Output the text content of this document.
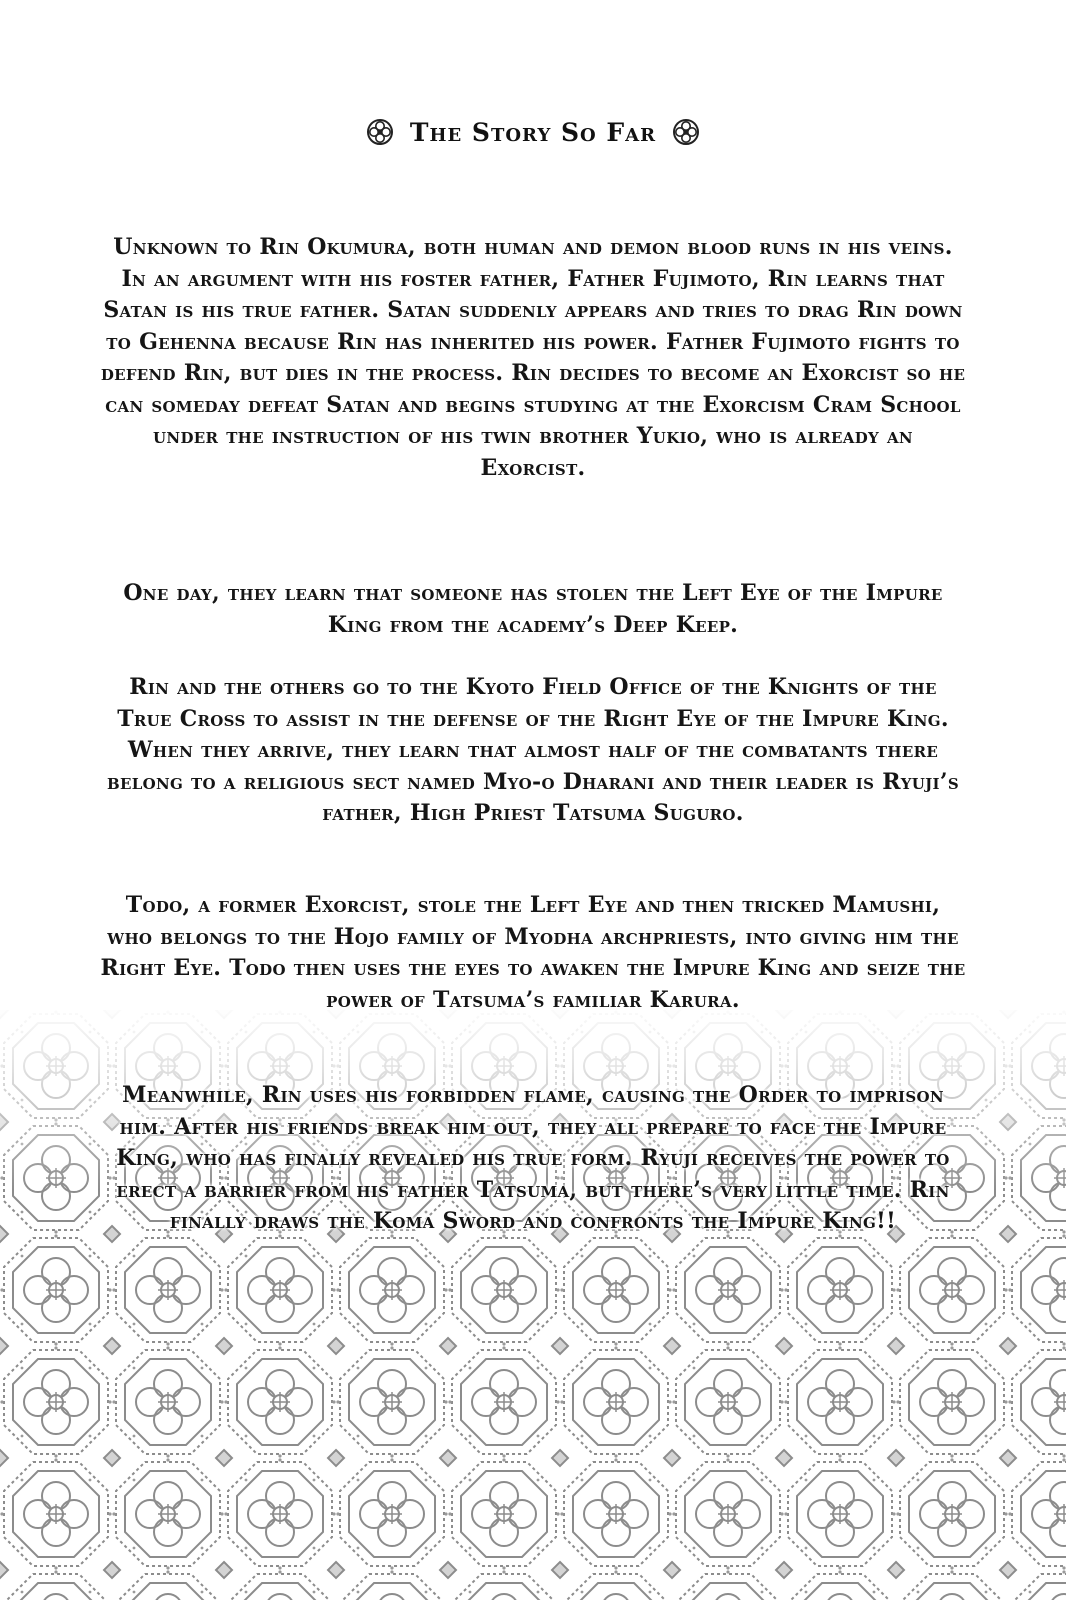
The Story So Far

Unknown to Rin Okumura, both human and demon blood runs in his veins. In an argument with his foster father, Father Fujimoto, Rin learns that Satan is his true father. Satan suddenly appears and tries to drag Rin down to Gehenna because Rin has inherited his power. Father Fujimoto fights to defend Rin, but dies in the process. Rin decides to become an Exorcist so he can someday defeat Satan and begins studying at the Exorcism Cram School under the instruction of his twin brother Yukio, who is already an Exorcist.

One day, they learn that someone has stolen the Left Eye of the Impure King from the academy’s Deep Keep.

Rin and the others go to the Kyoto Field Office of the Knights of the True Cross to assist in the defense of the Right Eye of the Impure King. When they arrive, they learn that almost half of the combatants there belong to a religious sect named Myo-o Dharani and their leader is Ryuji’s father, High Priest Tatsuma Suguro.

Todo, a former Exorcist, stole the Left Eye and then tricked Mamushi, who belongs to the Hojo family of Myodha archpriests, into giving him the Right Eye. Todo then uses the eyes to awaken the Impure King and seize the power of Tatsuma’s familiar Karura.

Meanwhile, Rin uses his forbidden flame, causing the Order to imprison him. After his friends break him out, they all prepare to face the Impure King, who has finally revealed his true form. Ryuji receives the power to erect a barrier from his father Tatsuma, but there’s very little time. Rin finally draws the Koma Sword and confronts the Impure King!!
